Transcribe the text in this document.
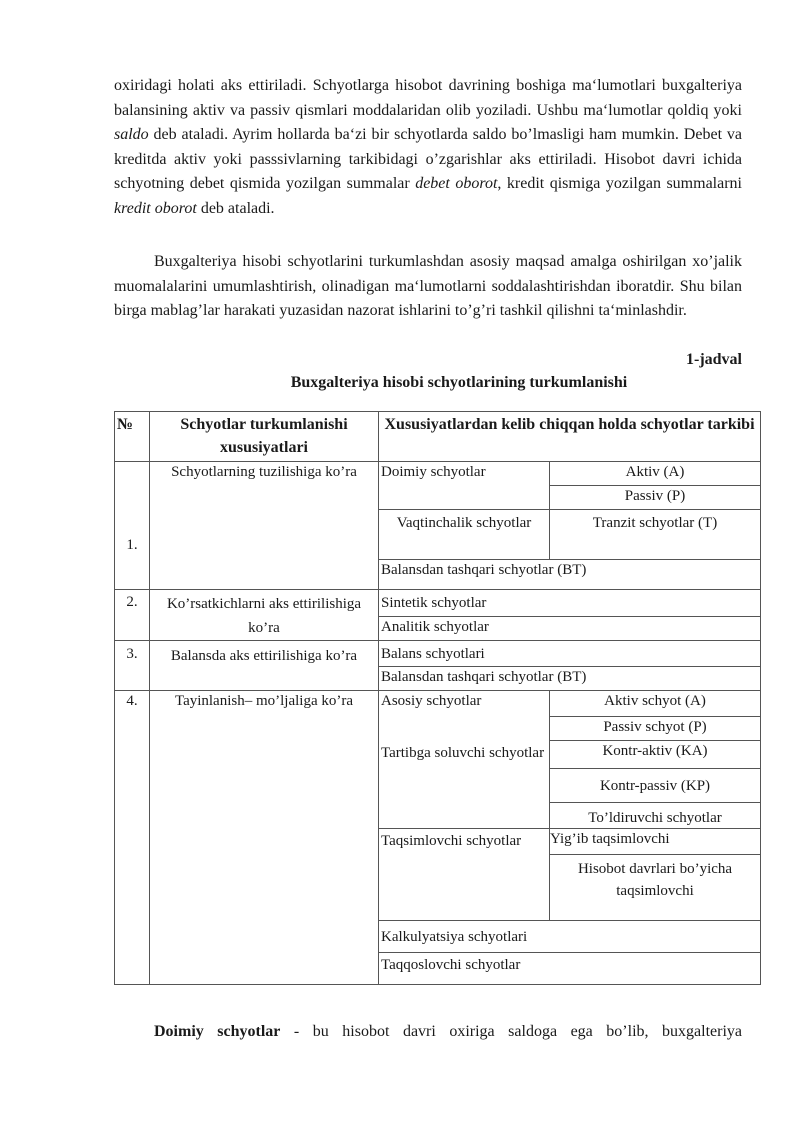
oxiridagi holati aks ettiriladi. Schyotlarga hisobot davrining boshiga ma‘lumotlari buxgalteriya balansining aktiv va passiv qismlari moddalaridan olib yoziladi. Ushbu ma‘lumotlar qoldiq yoki saldo deb ataladi. Ayrim hollarda ba‘zi bir schyotlarda saldo bo’lmasligi ham mumkin. Debet va kreditda aktiv yoki passsivlarning tarkibidagi o’zgarishlar aks ettiriladi. Hisobot davri ichida schyotning debet qismida yozilgan summalar debet oborot, kredit qismiga yozilgan summalarni kredit oborot deb ataladi.

Buxgalteriya hisobi schyotlarini turkumlashdan asosiy maqsad amalga oshirilgan xo’jalik muomalalarini umumlashtirish, olinadigan ma‘lumotlarni soddalashtirishdan iboratdir. Shu bilan birga mablag’lar harakati yuzasidan nazorat ishlarini to’g’ri tashkil qilishni ta‘minlashdir.

1-jadval
Buxgalteriya hisobi schyotlarining turkumlanishi
№	Schyotlar turkumlanishi xususiyatlari	Xususiyatlardan kelib chiqqan holda schyotlar tarkibi	
1.	Schyotlarning tuzilishiga ko’ra	Doimiy schyotlar	Aktiv (A)
			Passiv (P)
		Vaqtinchalik schyotlar	Tranzit schyotlar (T)
		Balansdan tashqari schyotlar (BT)	
2.	Ko’rsatkichlarni aks ettirilishiga ko’ra	Sintetik schyotlar	
		Analitik schyotlar	
3.	Balansda aks ettirilishiga ko’ra	Balans schyotlari	
		Balansdan tashqari schyotlar (BT)	
4.	Tayinlanish– mo’ljaliga ko’ra	Asosiy schyotlar	Aktiv schyot (A)
			Passiv schyot (P)
		Tartibga soluvchi schyotlar	Kontr-aktiv (KA)
			Kontr-passiv (KP)
			To’ldiruvchi schyotlar
		Taqsimlovchi schyotlar	Yig’ib taqsimlovchi
			Hisobot davrlari bo’yicha taqsimlovchi

		Kalkulyatsiya schyotlari	
		Taqqoslovchi schyotlar	

Doimiy schyotlar - bu hisobot davri oxiriga saldoga ega bo’lib, buxgalteriya
